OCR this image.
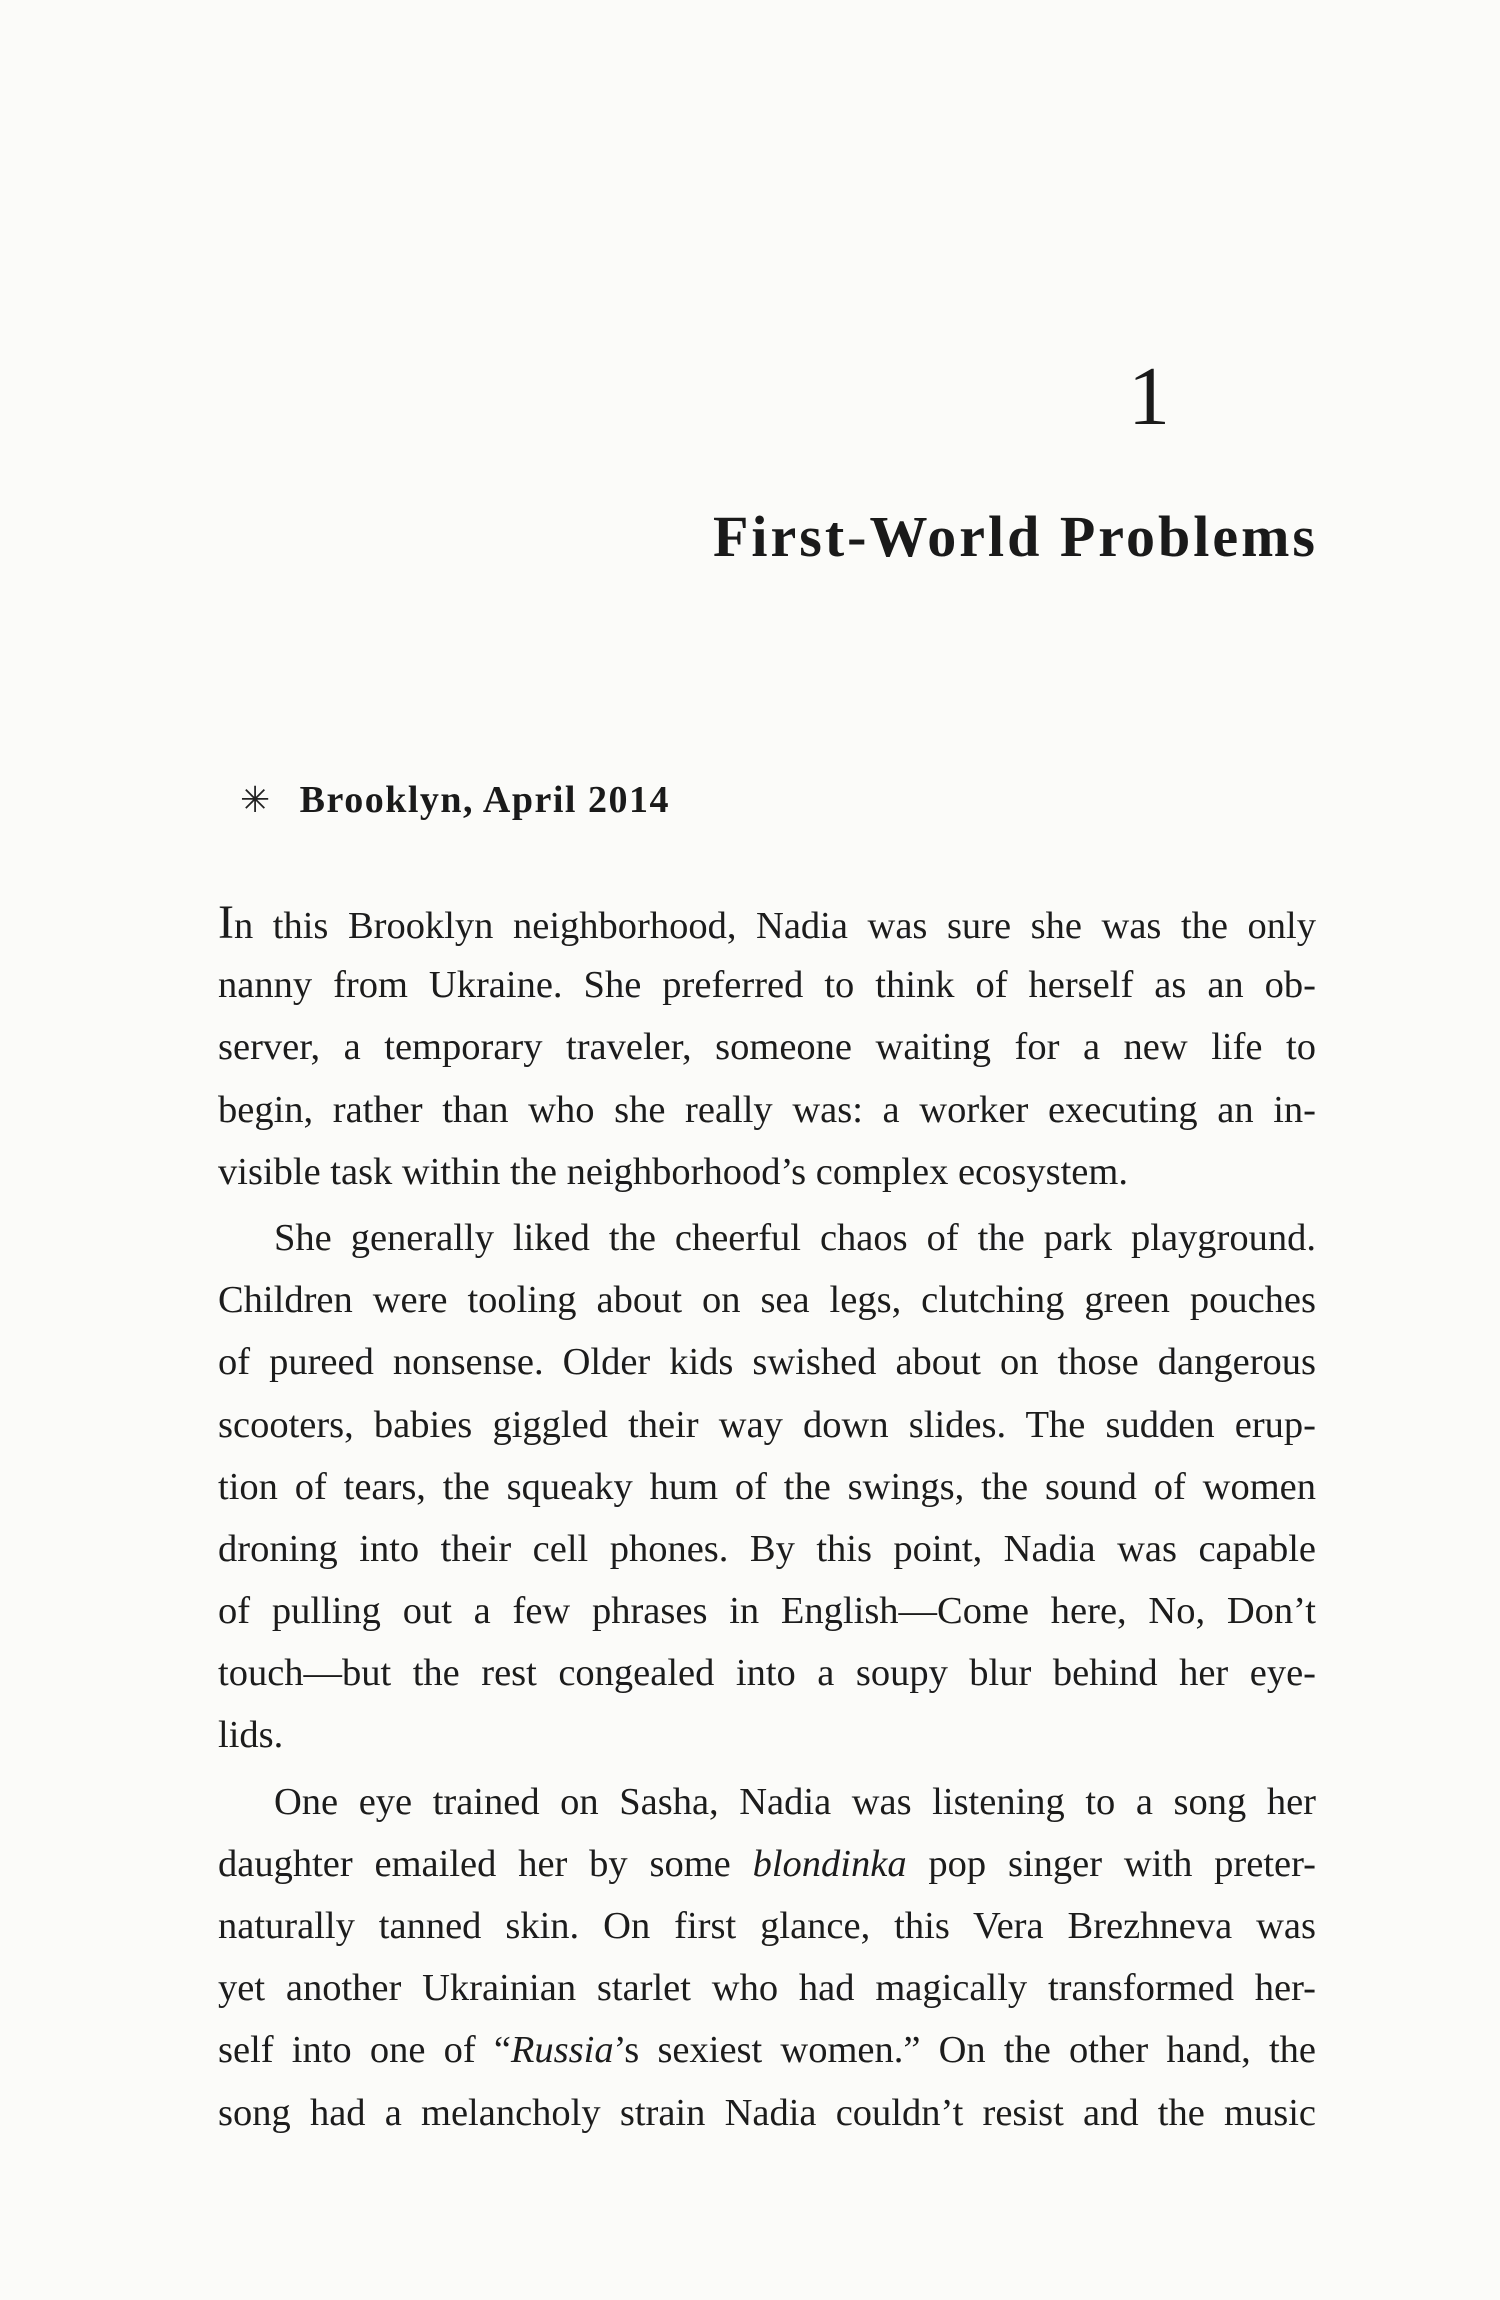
1
First-World Problems
✳ Brooklyn, April 2014
In this Brooklyn neighborhood, Nadia was sure she was the only
nanny from Ukraine. She preferred to think of herself as an ob-
server, a temporary traveler, someone waiting for a new life to
begin, rather than who she really was: a worker executing an in-
visible task within the neighborhood’s complex ecosystem.
She generally liked the cheerful chaos of the park playground.
Children were tooling about on sea legs, clutching green pouches
of pureed nonsense. Older kids swished about on those dangerous
scooters, babies giggled their way down slides. The sudden erup-
tion of tears, the squeaky hum of the swings, the sound of women
droning into their cell phones. By this point, Nadia was capable
of pulling out a few phrases in English—Come here, No, Don’t
touch—but the rest congealed into a soupy blur behind her eye-
lids.
One eye trained on Sasha, Nadia was listening to a song her
daughter emailed her by some blondinka pop singer with preter-
naturally tanned skin. On first glance, this Vera Brezhneva was
yet another Ukrainian starlet who had magically transformed her-
self into one of “Russia’s sexiest women.” On the other hand, the
song had a melancholy strain Nadia couldn’t resist and the music
